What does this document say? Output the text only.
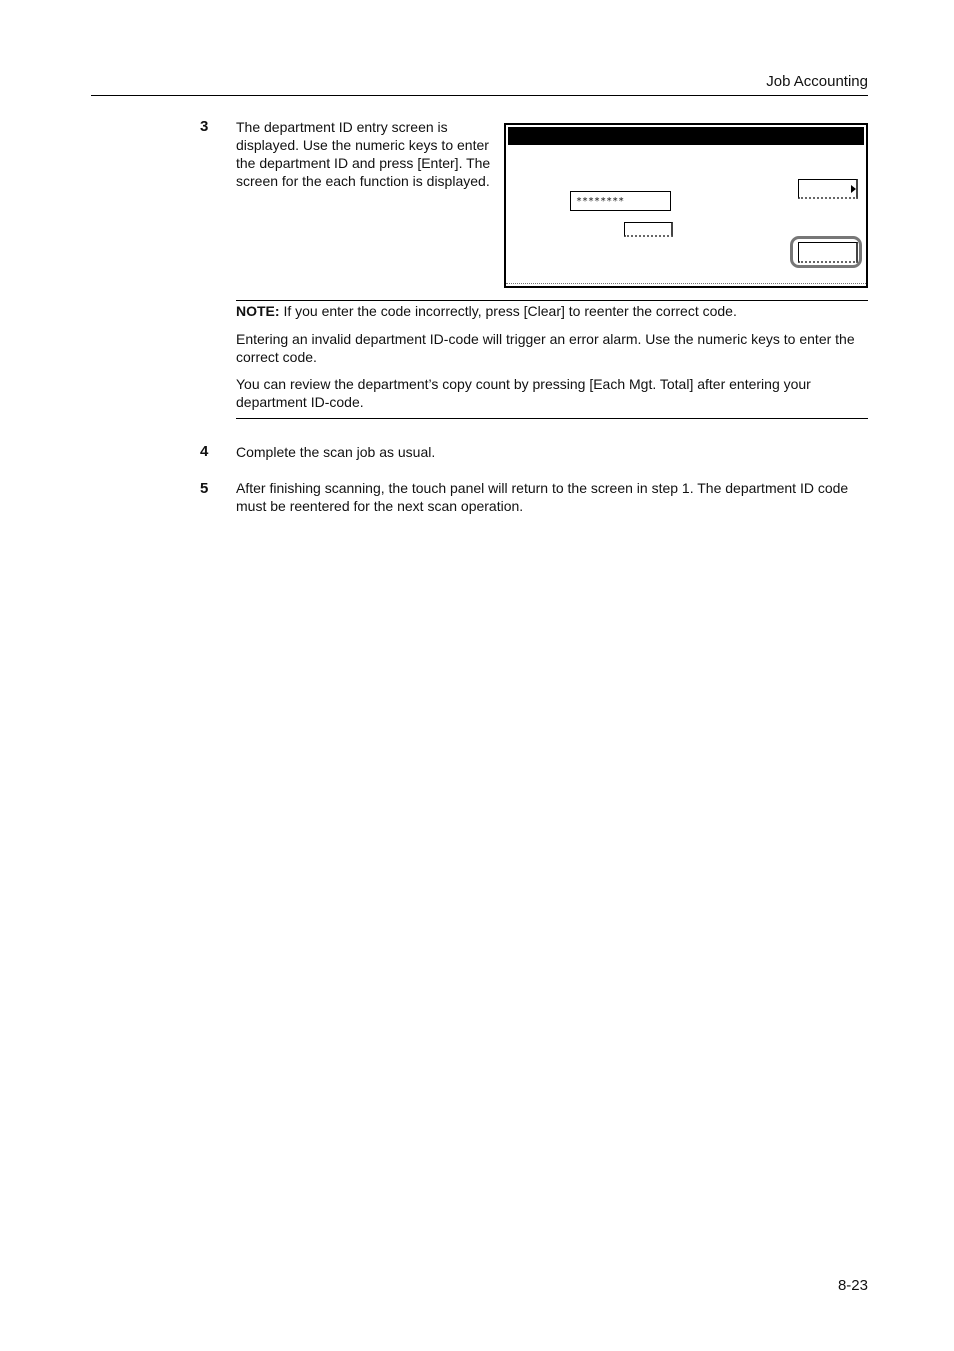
Job Accounting
3 The department ID entry screen is displayed. Use the numeric keys to enter the department ID and press [Enter]. The screen for the each function is displayed.
********
NOTE: If you enter the code incorrectly, press [Clear] to reenter the correct code.
Entering an invalid department ID-code will trigger an error alarm. Use the numeric keys to enter the correct code.
You can review the department’s copy count by pressing [Each Mgt. Total] after entering your department ID-code.
4 Complete the scan job as usual.
5 After finishing scanning, the touch panel will return to the screen in step 1. The department ID code must be reentered for the next scan operation.
8-23
